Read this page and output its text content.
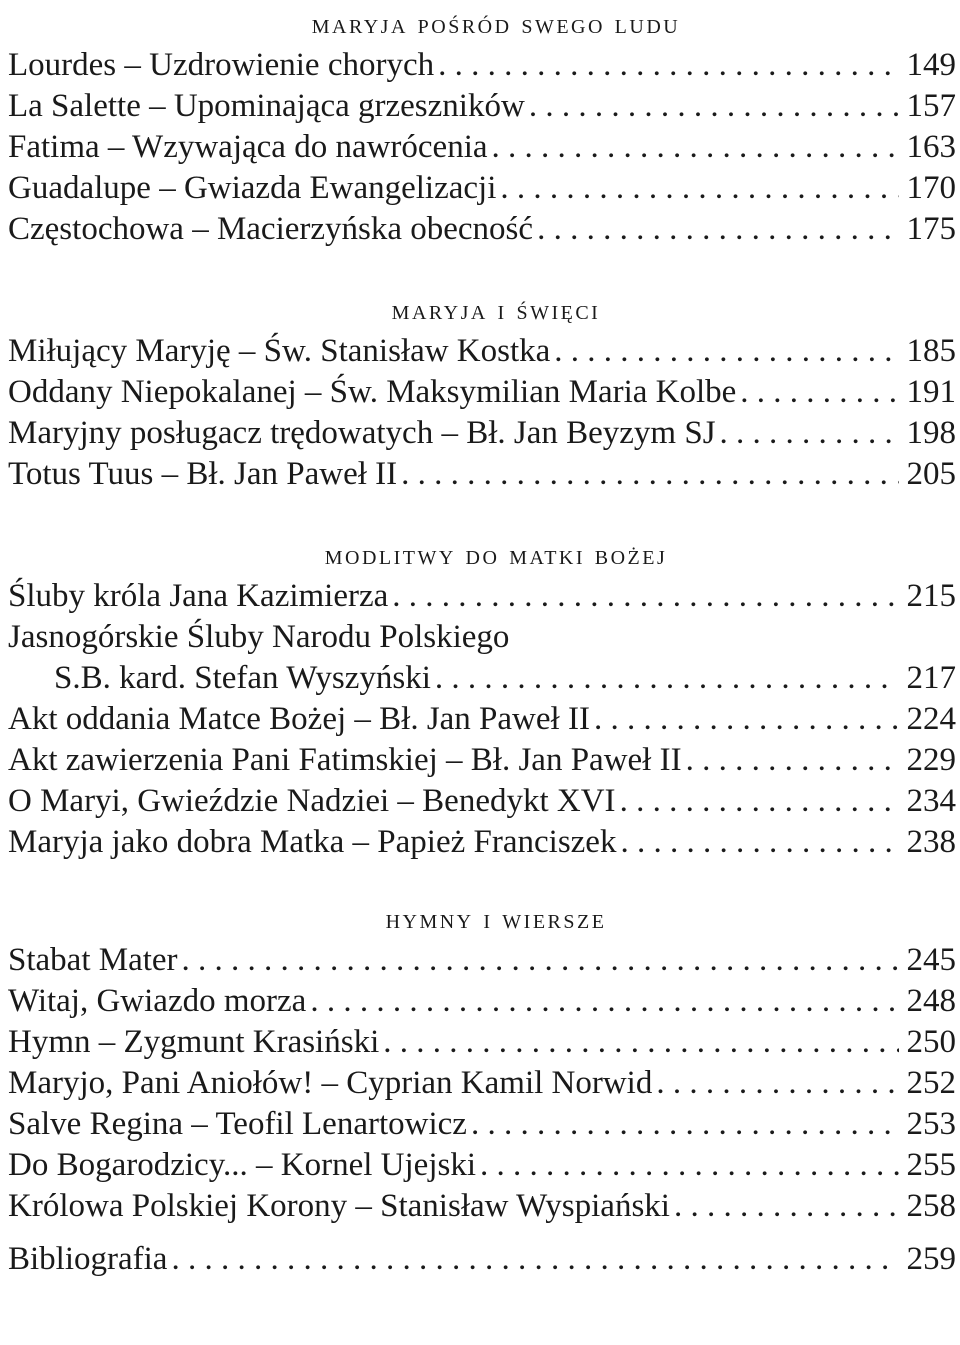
maryja pośród swego ludu
Lourdes – Uzdrowienie chorych . . .	149
La Salette – Upominająca grzeszników . . .	157
Fatima – Wzywająca do nawrócenia . . .	163
Guadalupe – Gwiazda Ewangelizacji . . .	170
Częstochowa – Macierzyńska obecność . . .	175
maryja i święci
Miłujący Maryję – Św. Stanisław Kostka . . .	185
Oddany Niepokalanej – Św. Maksymilian Maria Kolbe . . .	191
Maryjny posługacz trędowatych – Bł. Jan Beyzym SJ . . .	198
Totus Tuus – Bł. Jan Paweł II . . .	205
modlitwy do matki bożej
Śluby króla Jana Kazimierza . . .	215
Jasnogórskie Śluby Narodu Polskiego
S.B. kard. Stefan Wyszyński . . .	217
Akt oddania Matce Bożej – Bł. Jan Paweł II . . .	224
Akt zawierzenia Pani Fatimskiej – Bł. Jan Paweł II . . .	229
O Maryi, Gwieździe Nadziei – Benedykt XVI . . .	234
Maryja jako dobra Matka – Papież Franciszek . . .	238
hymny i wiersze
Stabat Mater . . .	245
Witaj, Gwiazdo morza . . .	248
Hymn – Zygmunt Krasiński . . .	250
Maryjo, Pani Aniołów! – Cyprian Kamil Norwid . . .	252
Salve Regina – Teofil Lenartowicz . . .	253
Do Bogarodzicy... – Kornel Ujejski . . .	255
Królowa Polskiej Korony – Stanisław Wyspiański . . .	258
Bibliografia . . .	259
